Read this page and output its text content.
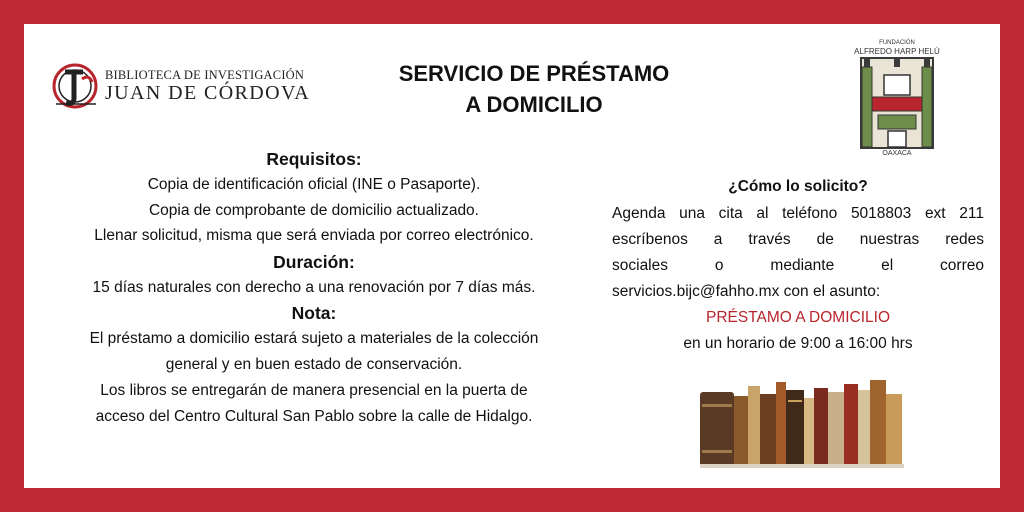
BIBLIOTECA DE INVESTIGACIÓN
JUAN DE CÓRDOVA
SERVICIO DE PRÉSTAMO
A DOMICILIO
FUNDACIÓN
ALFREDO HARP HELÚ
OAXACA
Requisitos:
Copia de identificación oficial (INE o Pasaporte).
Copia de comprobante de domicilio actualizado.
Llenar solicitud, misma que será enviada por correo electrónico.
Duración:
15 días naturales con derecho a una renovación por 7 días más.
Nota:
El préstamo a domicilio estará sujeto a materiales de la colección
general y en buen estado de conservación.
Los libros se entregarán de manera presencial en la puerta de
acceso del Centro Cultural San Pablo sobre la calle de Hidalgo.
¿Cómo lo solicito?
Agenda una cita al teléfono 5018803 ext 211
escríbenos a través de nuestras redes
sociales o mediante el correo
servicios.bijc@fahho.mx con el asunto:
PRÉSTAMO A DOMICILIO
en un horario de 9:00 a 16:00 hrs
